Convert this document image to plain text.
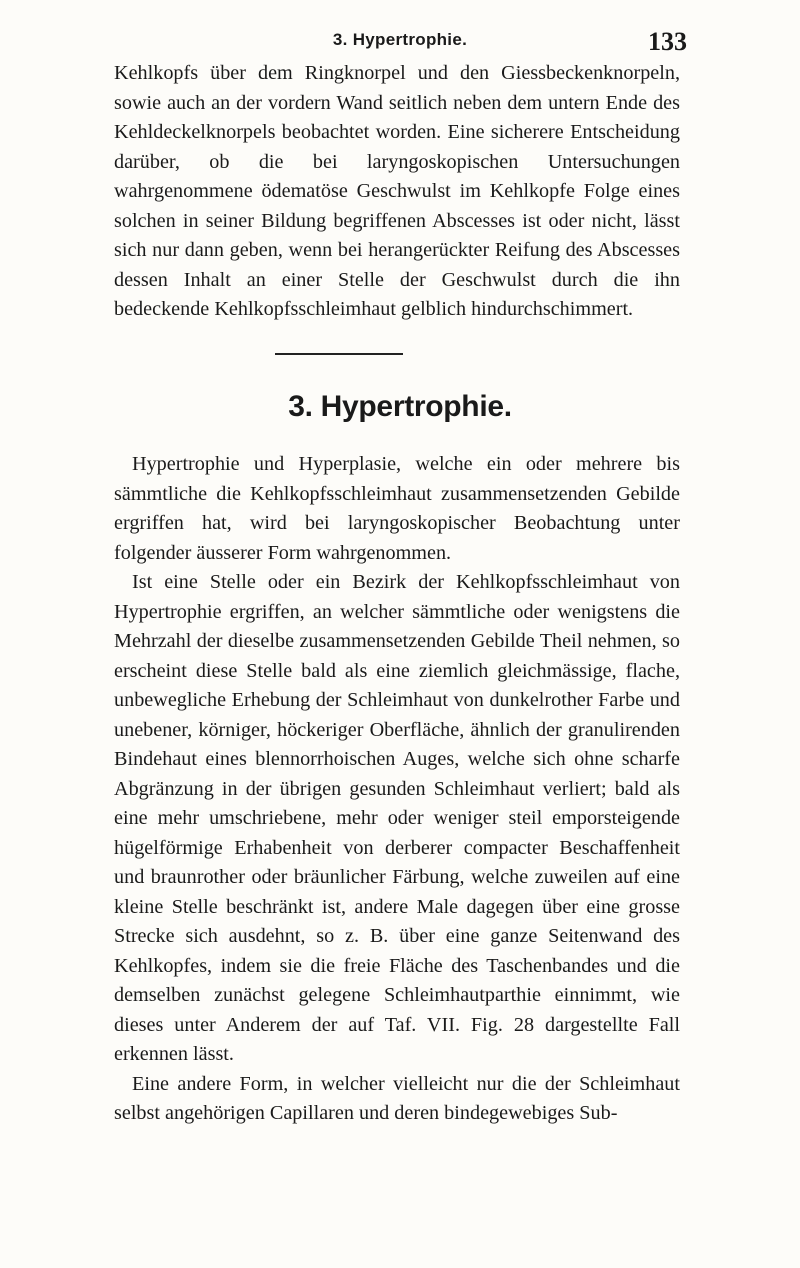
3. Hypertrophie.	133

Kehlkopfs über dem Ringknorpel und den Giessbeckenknorpeln, sowie auch an der vordern Wand seitlich neben dem untern Ende des Kehldeckelknorpels beobachtet worden. Eine sicherere Entscheidung darüber, ob die bei laryngoskopischen Untersuchungen wahrgenommene ödematöse Geschwulst im Kehlkopfe Folge eines solchen in seiner Bildung begriffenen Abscesses ist oder nicht, lässt sich nur dann geben, wenn bei herangerückter Reifung des Abscesses dessen Inhalt an einer Stelle der Geschwulst durch die ihn bedeckende Kehlkopfsschleimhaut gelblich hindurchschimmert.

3. Hypertrophie.

Hypertrophie und Hyperplasie, welche ein oder mehrere bis sämmtliche die Kehlkopfsschleimhaut zusammensetzenden Gebilde ergriffen hat, wird bei laryngoskopischer Beobachtung unter folgender äusserer Form wahrgenommen.

Ist eine Stelle oder ein Bezirk der Kehlkopfsschleimhaut von Hypertrophie ergriffen, an welcher sämmtliche oder wenigstens die Mehrzahl der dieselbe zusammensetzenden Gebilde Theil nehmen, so erscheint diese Stelle bald als eine ziemlich gleichmässige, flache, unbewegliche Erhebung der Schleimhaut von dunkelrother Farbe und unebener, körniger, höckeriger Oberfläche, ähnlich der granulirenden Bindehaut eines blennorrhoischen Auges, welche sich ohne scharfe Abgränzung in der übrigen gesunden Schleimhaut verliert; bald als eine mehr umschriebene, mehr oder weniger steil emporsteigende hügelförmige Erhabenheit von derberer compacter Beschaffenheit und braunrother oder bräunlicher Färbung, welche zuweilen auf eine kleine Stelle beschränkt ist, andere Male dagegen über eine grosse Strecke sich ausdehnt, so z. B. über eine ganze Seitenwand des Kehlkopfes, indem sie die freie Fläche des Taschenbandes und die demselben zunächst gelegene Schleimhautparthie einnimmt, wie dieses unter Anderem der auf Taf. VII. Fig. 28 dargestellte Fall erkennen lässt.

Eine andere Form, in welcher vielleicht nur die der Schleimhaut selbst angehörigen Capillaren und deren bindegewebiges Sub-
